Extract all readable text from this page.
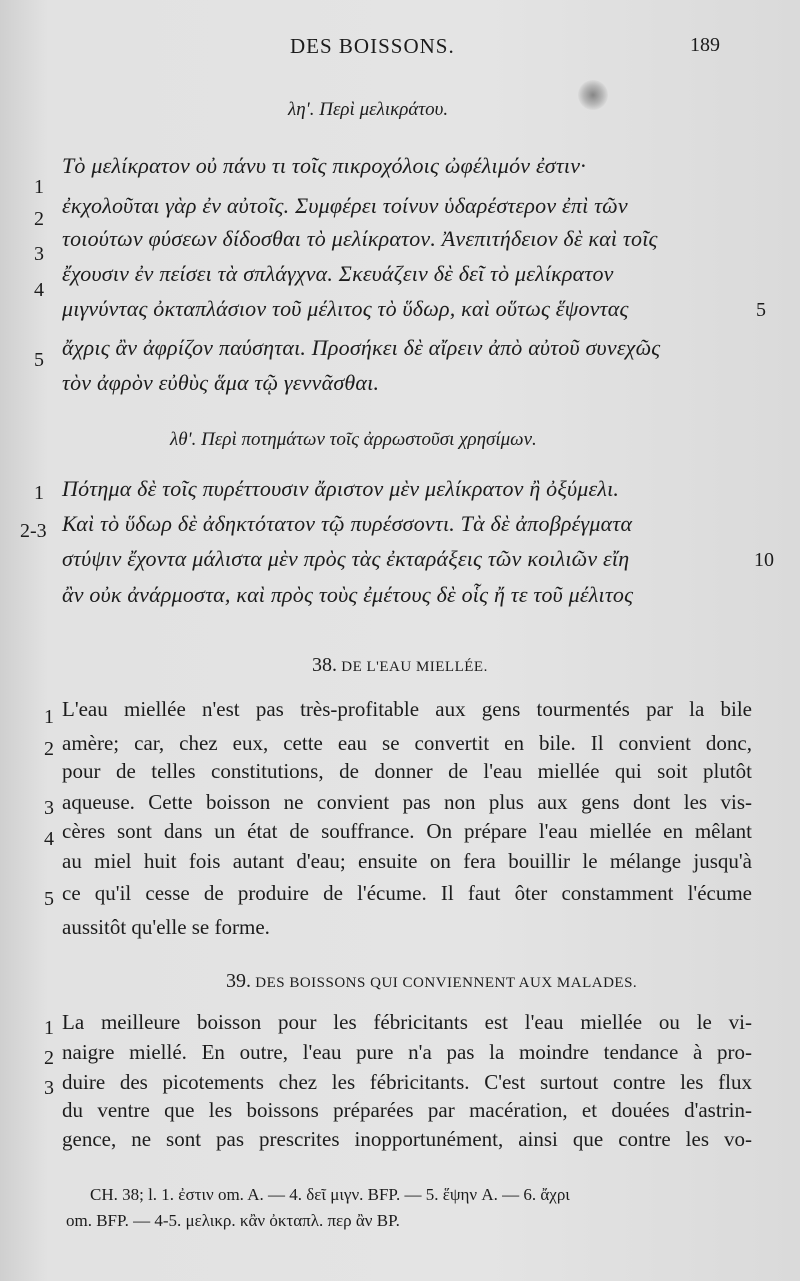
DES BOISSONS.	189
λη'. Περὶ μελικράτου.
Τὸ μελίκρατον οὐ πάνυ τι τοῖς πικροχόλοις ὠφέλιμόν ἐστιν·
ἐκχολοῦται γὰρ ἐν αὐτοῖς. Συμφέρει τοίνυν ὑδαρέστερον ἐπὶ τῶν
τοιούτων φύσεων δίδοσθαι τὸ μελίκρατον. Ἀνεπιτήδειον δὲ καὶ τοῖς
ἔχουσιν ἐν πείσει τὰ σπλάγχνα. Σκευάζειν δὲ δεῖ τὸ μελίκρατον
μιγνύντας ὀκταπλάσιον τοῦ μέλιτος τὸ ὕδωρ, καὶ οὕτως ἕψοντας
ἄχρις ἂν ἀφρίζον παύσηται. Προσήκει δὲ αἴρειν ἀπὸ αὐτοῦ συνεχῶς
τὸν ἀφρὸν εὐθὺς ἅμα τῷ γεννᾶσθαι.
1
2
3
4
5
5
λθ'. Περὶ ποτημάτων τοῖς ἀρρωστοῦσι χρησίμων.
Πότημα δὲ τοῖς πυρέττουσιν ἄριστον μὲν μελίκρατον ἢ ὀξύμελι.
Καὶ τὸ ὕδωρ δὲ ἀδηκτότατον τῷ πυρέσσοντι. Τὰ δὲ ἀποβρέγματα
στύψιν ἔχοντα μάλιστα μὲν πρὸς τὰς ἐκταράξεις τῶν κοιλιῶν εἴη
ἂν οὐκ ἀνάρμοστα, καὶ πρὸς τοὺς ἐμέτους δὲ οἷς ἤ τε τοῦ μέλιτος
1
2-3
10
38. DE L'EAU MIELLÉE.
L'eau miellée n'est pas très-profitable aux gens tourmentés par la bile
amère; car, chez eux, cette eau se convertit en bile. Il convient donc,
pour de telles constitutions, de donner de l'eau miellée qui soit plutôt
aqueuse. Cette boisson ne convient pas non plus aux gens dont les vis-
cères sont dans un état de souffrance. On prépare l'eau miellée en mêlant
au miel huit fois autant d'eau; ensuite on fera bouillir le mélange jusqu'à
ce qu'il cesse de produire de l'écume. Il faut ôter constamment l'écume
aussitôt qu'elle se forme.
1
2
3
4
5
39. DES BOISSONS QUI CONVIENNENT AUX MALADES.
La meilleure boisson pour les fébricitants est l'eau miellée ou le vi-
naigre miellé. En outre, l'eau pure n'a pas la moindre tendance à pro-
duire des picotements chez les fébricitants. C'est surtout contre les flux
du ventre que les boissons préparées par macération, et douées d'astrin-
gence, ne sont pas prescrites inopportunément, ainsi que contre les vo-
1
2
3
CH. 38; l. 1. ἐστιν om. A. — 4. δεῖ μιγν. BFP. — 5. ἕψην A. — 6. ἄχρι
om. BFP. — 4-5. μελικρ. κἂν ὀκταπλ. περ ἂν BP.
